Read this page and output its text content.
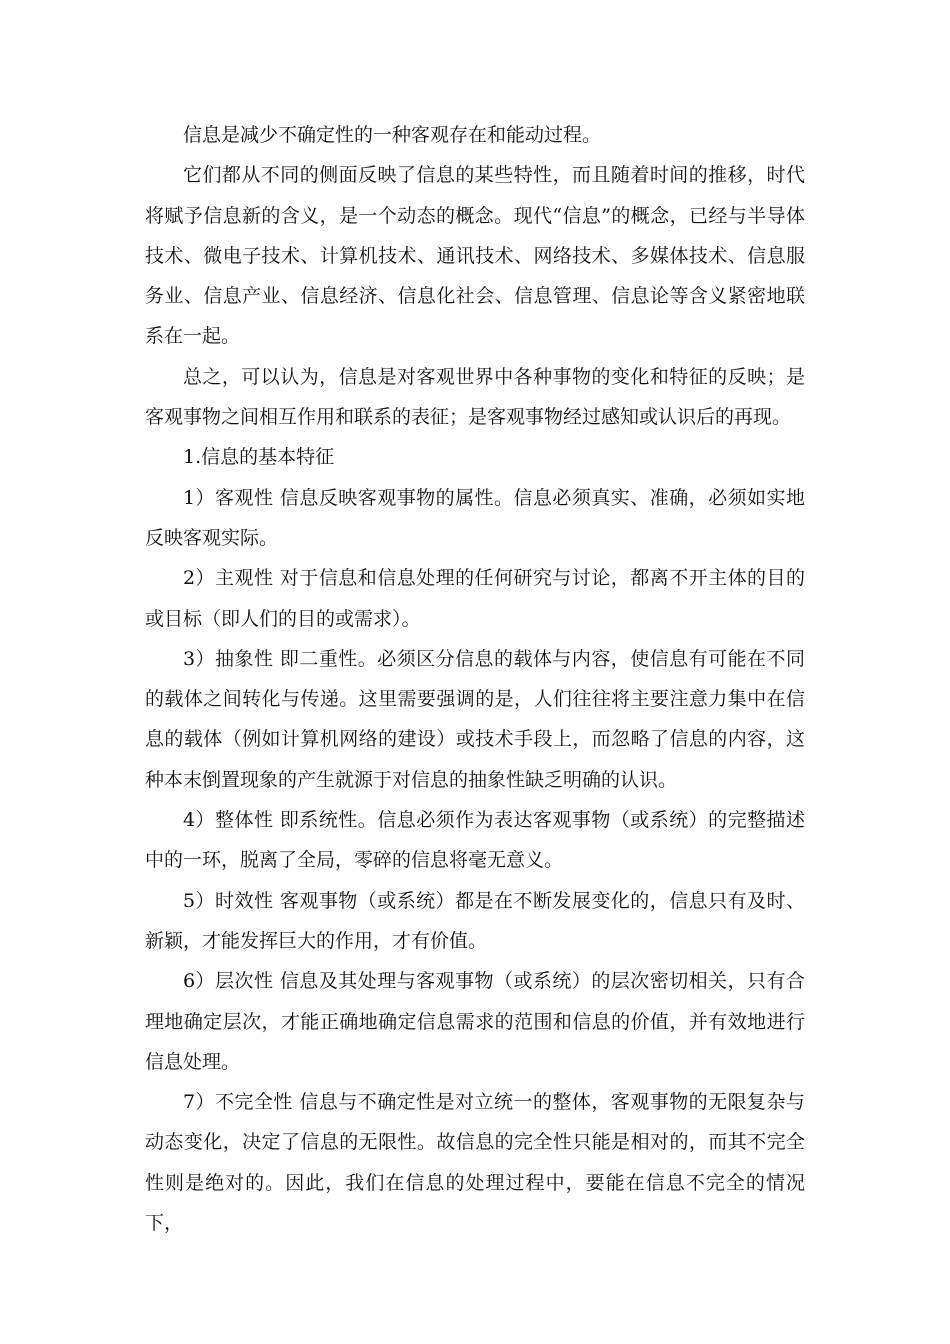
信息是减少不确定性的一种客观存在和能动过程。

它们都从不同的侧面反映了信息的某些特性，而且随着时间的推移，时代将赋予信息新的含义，是一个动态的概念。现代“信息”的概念，已经与半导体技术、微电子技术、计算机技术、通讯技术、网络技术、多媒体技术、信息服务业、信息产业、信息经济、信息化社会、信息管理、信息论等含义紧密地联系在一起。

总之，可以认为，信息是对客观世界中各种事物的变化和特征的反映；是客观事物之间相互作用和联系的表征；是客观事物经过感知或认识后的再现。

1.信息的基本特征

1）客观性 信息反映客观事物的属性。信息必须真实、准确，必须如实地反映客观实际。

2）主观性 对于信息和信息处理的任何研究与讨论，都离不开主体的目的或目标（即人们的目的或需求）。

3）抽象性 即二重性。必须区分信息的载体与内容，使信息有可能在不同的载体之间转化与传递。这里需要强调的是，人们往往将主要注意力集中在信息的载体（例如计算机网络的建设）或技术手段上，而忽略了信息的内容，这种本末倒置现象的产生就源于对信息的抽象性缺乏明确的认识。

4）整体性 即系统性。信息必须作为表达客观事物（或系统）的完整描述中的一环，脱离了全局，零碎的信息将毫无意义。

5）时效性 客观事物（或系统）都是在不断发展变化的，信息只有及时、新颖，才能发挥巨大的作用，才有价值。

6）层次性 信息及其处理与客观事物（或系统）的层次密切相关，只有合理地确定层次，才能正确地确定信息需求的范围和信息的价值，并有效地进行信息处理。

7）不完全性 信息与不确定性是对立统一的整体，客观事物的无限复杂与动态变化，决定了信息的无限性。故信息的完全性只能是相对的，而其不完全性则是绝对的。因此，我们在信息的处理过程中，要能在信息不完全的情况下，
